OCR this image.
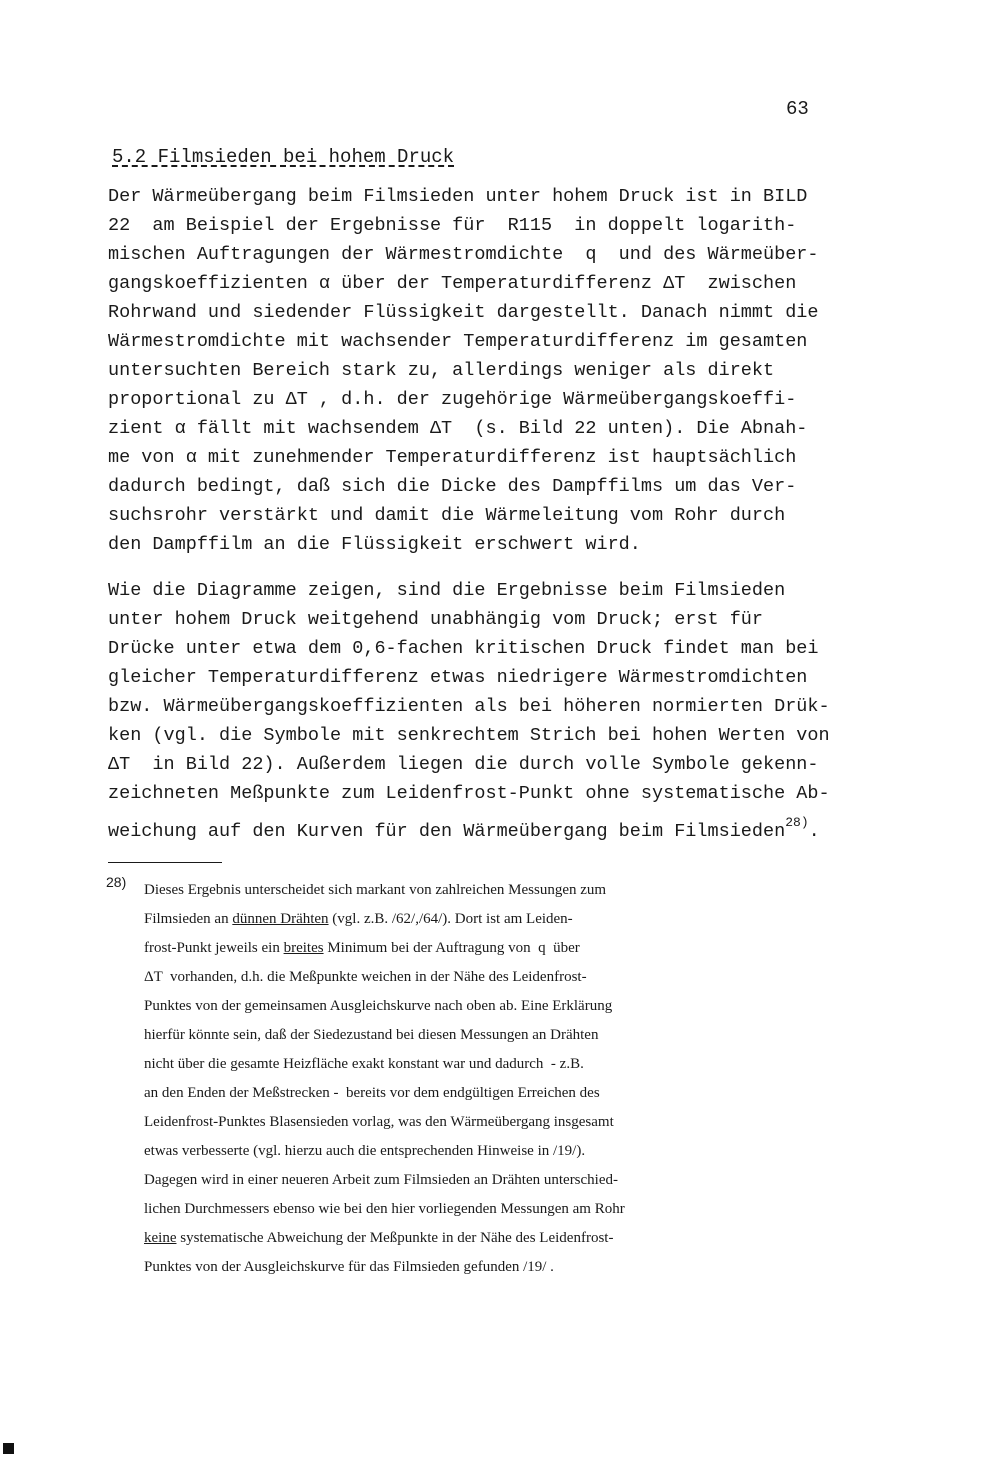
63
5.2 Filmsieden bei hohem Druck
Der Wärmeübergang beim Filmsieden unter hohem Druck ist in BILD
22  am Beispiel der Ergebnisse für  R115  in doppelt logarith-
mischen Auftragungen der Wärmestromdichte  q  und des Wärmeüber-
gangskoeffizienten α über der Temperaturdifferenz ΔT  zwischen
Rohrwand und siedender Flüssigkeit dargestellt. Danach nimmt die
Wärmestromdichte mit wachsender Temperaturdifferenz im gesamten
untersuchten Bereich stark zu, allerdings weniger als direkt
proportional zu ΔT , d.h. der zugehörige Wärmeübergangskoeffi-
zient α fällt mit wachsendem ΔT  (s. Bild 22 unten). Die Abnah-
me von α mit zunehmender Temperaturdifferenz ist hauptsächlich
dadurch bedingt, daß sich die Dicke des Dampffilms um das Ver-
suchsrohr verstärkt und damit die Wärmeleitung vom Rohr durch
den Dampffilm an die Flüssigkeit erschwert wird.
Wie die Diagramme zeigen, sind die Ergebnisse beim Filmsieden
unter hohem Druck weitgehend unabhängig vom Druck; erst für
Drücke unter etwa dem 0,6-fachen kritischen Druck findet man bei
gleicher Temperaturdifferenz etwas niedrigere Wärmestromdichten
bzw. Wärmeübergangskoeffizienten als bei höheren normierten Drük-
ken (vgl. die Symbole mit senkrechtem Strich bei hohen Werten von
ΔT  in Bild 22). Außerdem liegen die durch volle Symbole gekenn-
zeichneten Meßpunkte zum Leidenfrost-Punkt ohne systematische Ab-
weichung auf den Kurven für den Wärmeübergang beim Filmsieden$^{28)}$.
28) Dieses Ergebnis unterscheidet sich markant von zahlreichen Messungen zum
Filmsieden an dünnen Drähten (vgl. z.B. /62/,/64/). Dort ist am Leiden-
frost-Punkt jeweils ein breites Minimum bei der Auftragung von  q  über
ΔT  vorhanden, d.h. die Meßpunkte weichen in der Nähe des Leidenfrost-
Punktes von der gemeinsamen Ausgleichskurve nach oben ab. Eine Erklärung
hierfür könnte sein, daß der Siedezustand bei diesen Messungen an Drähten
nicht über die gesamte Heizfläche exakt konstant war und dadurch  - z.B.
an den Enden der Meßstrecken -  bereits vor dem endgültigen Erreichen des
Leidenfrost-Punktes Blasensieden vorlag, was den Wärmeübergang insgesamt
etwas verbesserte (vgl. hierzu auch die entsprechenden Hinweise in /19/).
Dagegen wird in einer neueren Arbeit zum Filmsieden an Drähten unterschied-
lichen Durchmessers ebenso wie bei den hier vorliegenden Messungen am Rohr
keine systematische Abweichung der Meßpunkte in der Nähe des Leidenfrost-
Punktes von der Ausgleichskurve für das Filmsieden gefunden /19/ .
